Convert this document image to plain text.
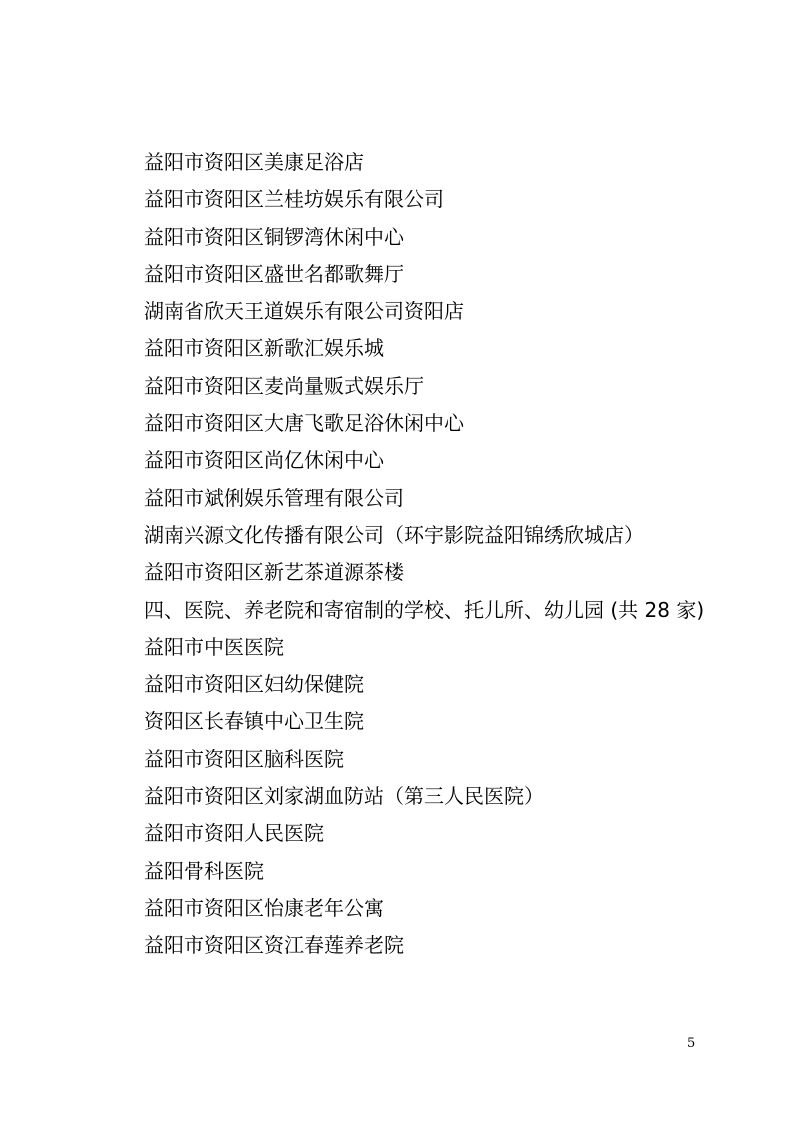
益阳市资阳区美康足浴店
益阳市资阳区兰桂坊娱乐有限公司
益阳市资阳区铜锣湾休闲中心
益阳市资阳区盛世名都歌舞厅
湖南省欣天王道娱乐有限公司资阳店
益阳市资阳区新歌汇娱乐城
益阳市资阳区麦尚量贩式娱乐厅
益阳市资阳区大唐飞歌足浴休闲中心
益阳市资阳区尚亿休闲中心
益阳市斌俐娱乐管理有限公司
湖南兴源文化传播有限公司（环宇影院益阳锦绣欣城店）
益阳市资阳区新艺茶道源茶楼
四、医院、养老院和寄宿制的学校、托儿所、幼儿园 (共 28 家)
益阳市中医医院
益阳市资阳区妇幼保健院
资阳区长春镇中心卫生院
益阳市资阳区脑科医院
益阳市资阳区刘家湖血防站（第三人民医院）
益阳市资阳人民医院
益阳骨科医院
益阳市资阳区怡康老年公寓
益阳市资阳区资江春莲养老院
5
